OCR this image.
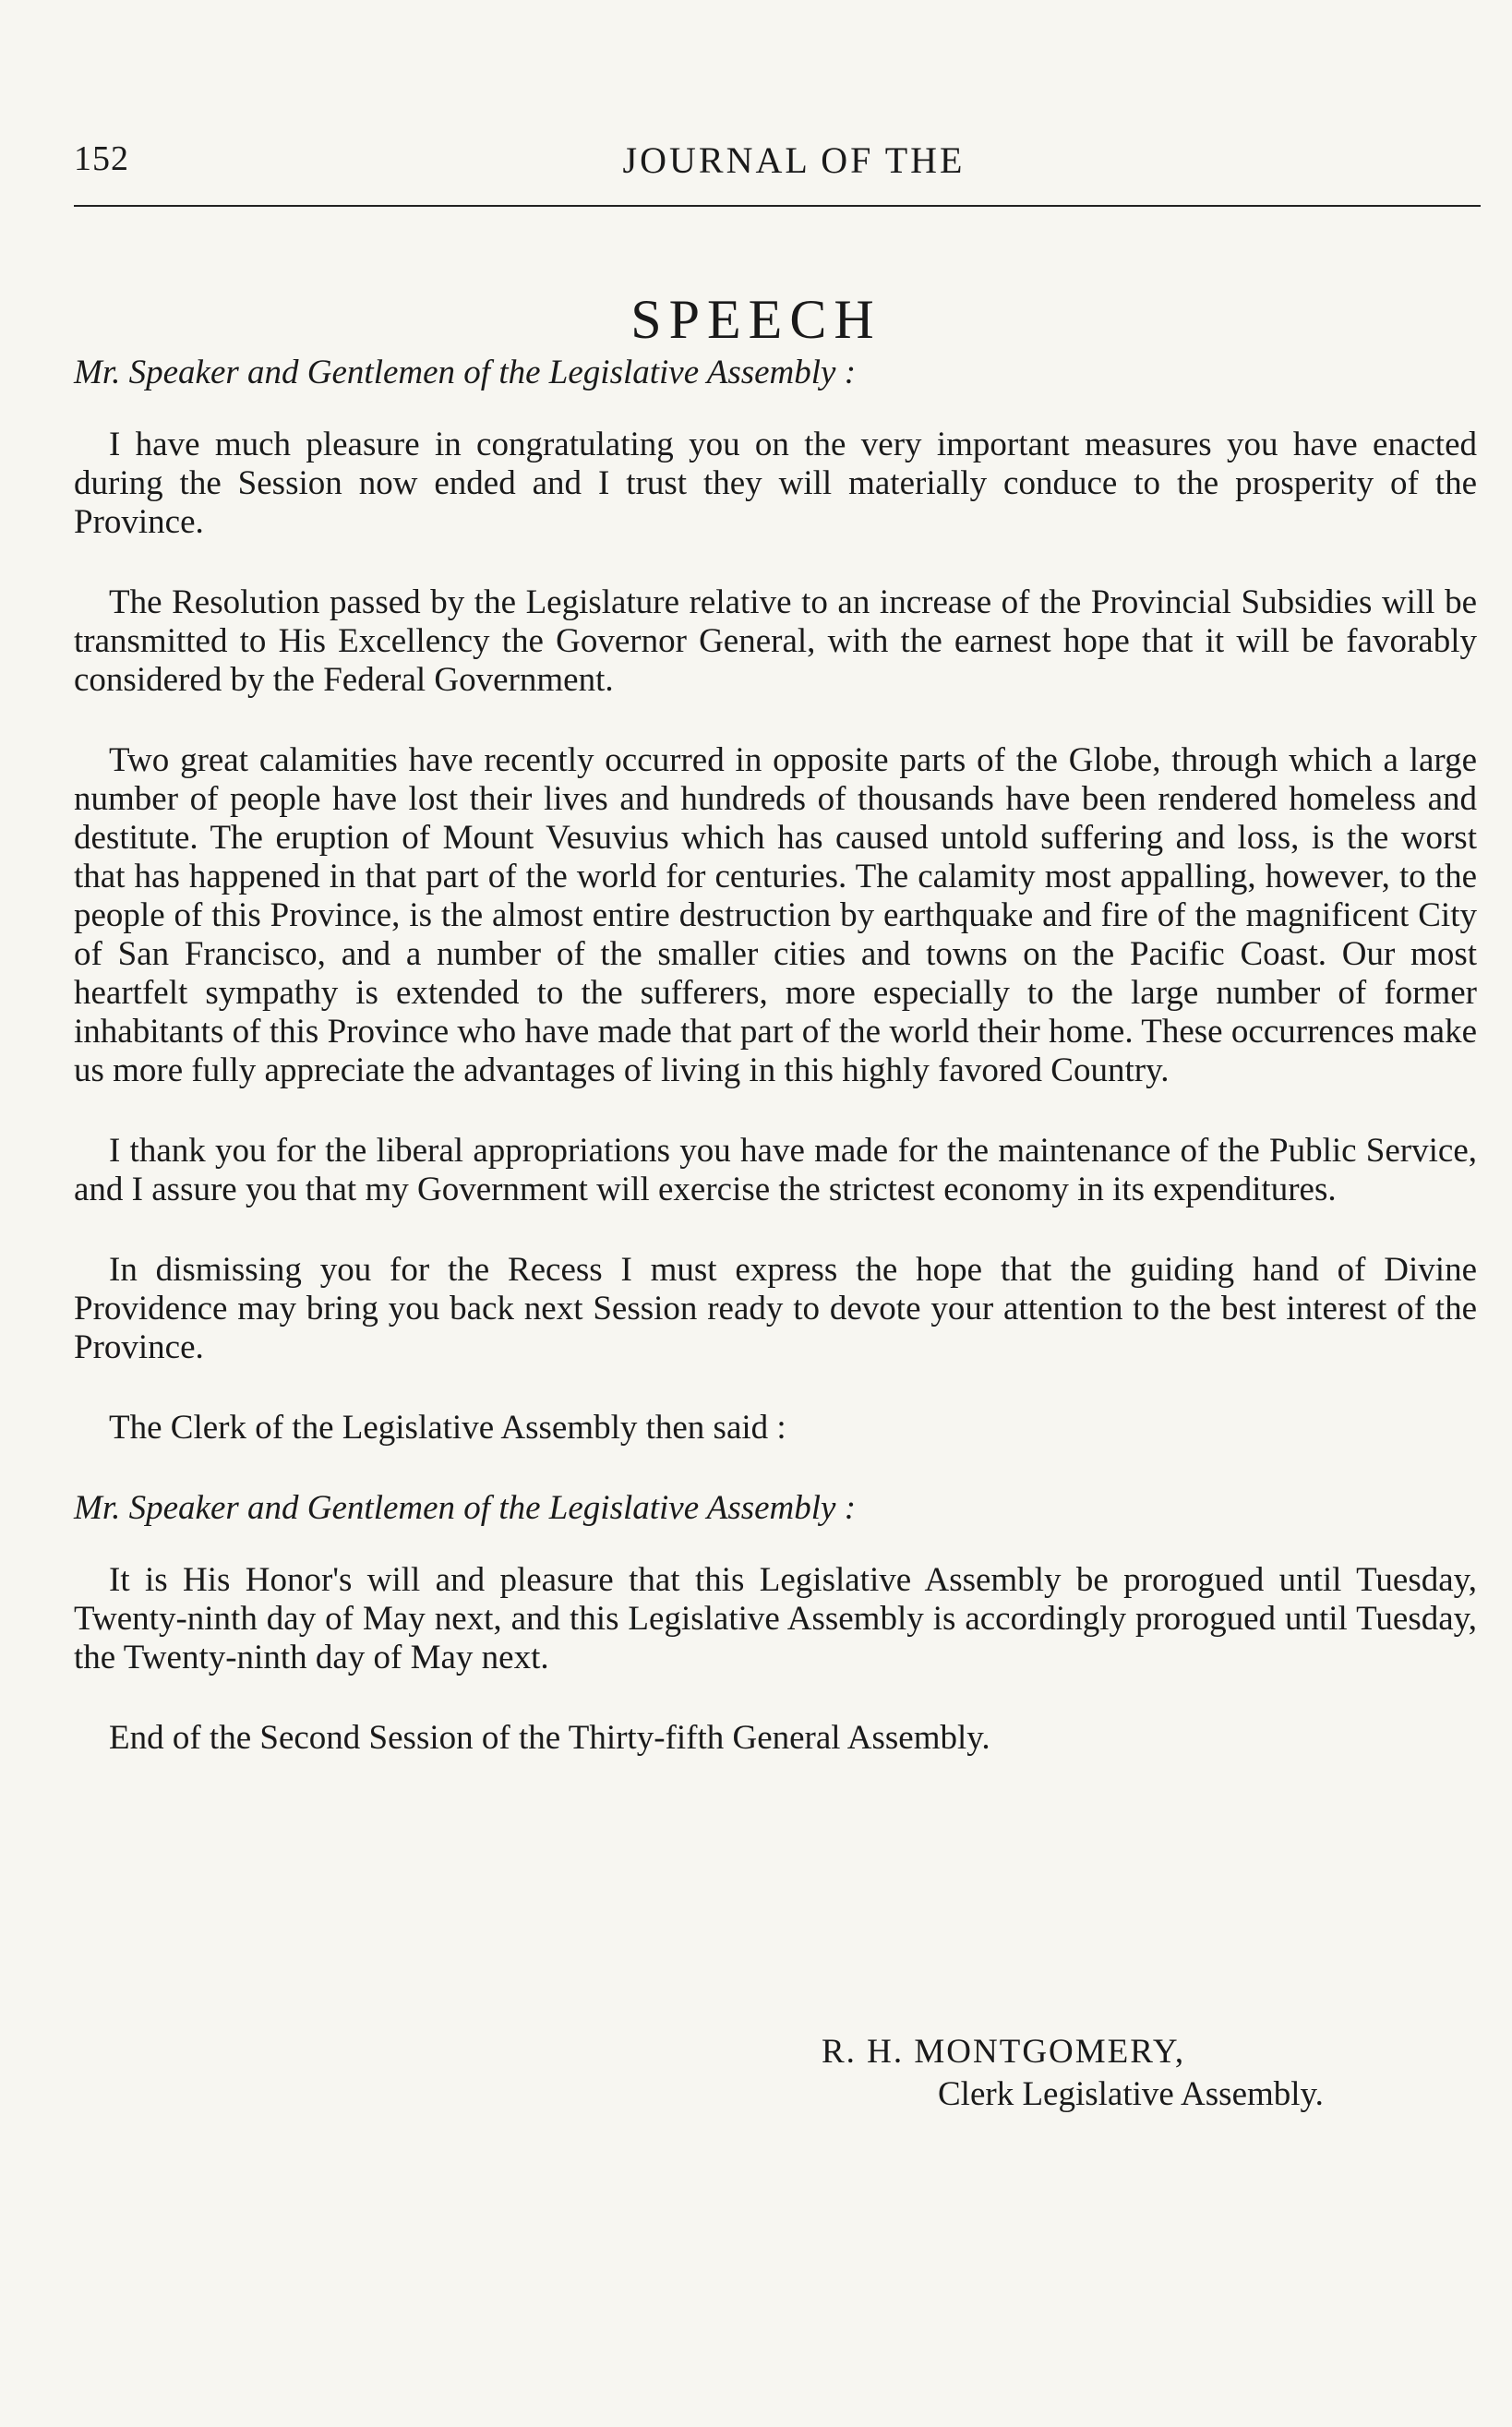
152	JOURNAL OF THE
SPEECH

Mr. Speaker and Gentlemen of the Legislative Assembly :

I have much pleasure in congratulating you on the very important measures you have enacted during the Session now ended and I trust they will materially conduce to the prosperity of the Province.

The Resolution passed by the Legislature relative to an increase of the Provincial Subsidies will be transmitted to His Excellency the Governor General, with the earnest hope that it will be favorably considered by the Federal Government.

Two great calamities have recently occurred in opposite parts of the Globe, through which a large number of people have lost their lives and hundreds of thousands have been rendered homeless and destitute. The eruption of Mount Vesuvius which has caused untold suffering and loss, is the worst that has happened in that part of the world for centuries. The calamity most appalling, however, to the people of this Province, is the almost entire destruction by earthquake and fire of the magnificent City of San Francisco, and a number of the smaller cities and towns on the Pacific Coast. Our most heartfelt sympathy is extended to the sufferers, more especially to the large number of former inhabitants of this Province who have made that part of the world their home. These occurrences make us more fully appreciate the advantages of living in this highly favored Country.

I thank you for the liberal appropriations you have made for the maintenance of the Public Service, and I assure you that my Government will exercise the strictest economy in its expenditures.

In dismissing you for the Recess I must express the hope that the guiding hand of Divine Providence may bring you back next Session ready to devote your attention to the best interest of the Province.

The Clerk of the Legislative Assembly then said :

Mr. Speaker and Gentlemen of the Legislative Assembly :

It is His Honor's will and pleasure that this Legislative Assembly be prorogued until Tuesday, Twenty-ninth day of May next, and this Legislative Assembly is accordingly prorogued until Tuesday, the Twenty-ninth day of May next.

End of the Second Session of the Thirty-fifth General Assembly.

R. H. MONTGOMERY,
Clerk Legislative Assembly.
